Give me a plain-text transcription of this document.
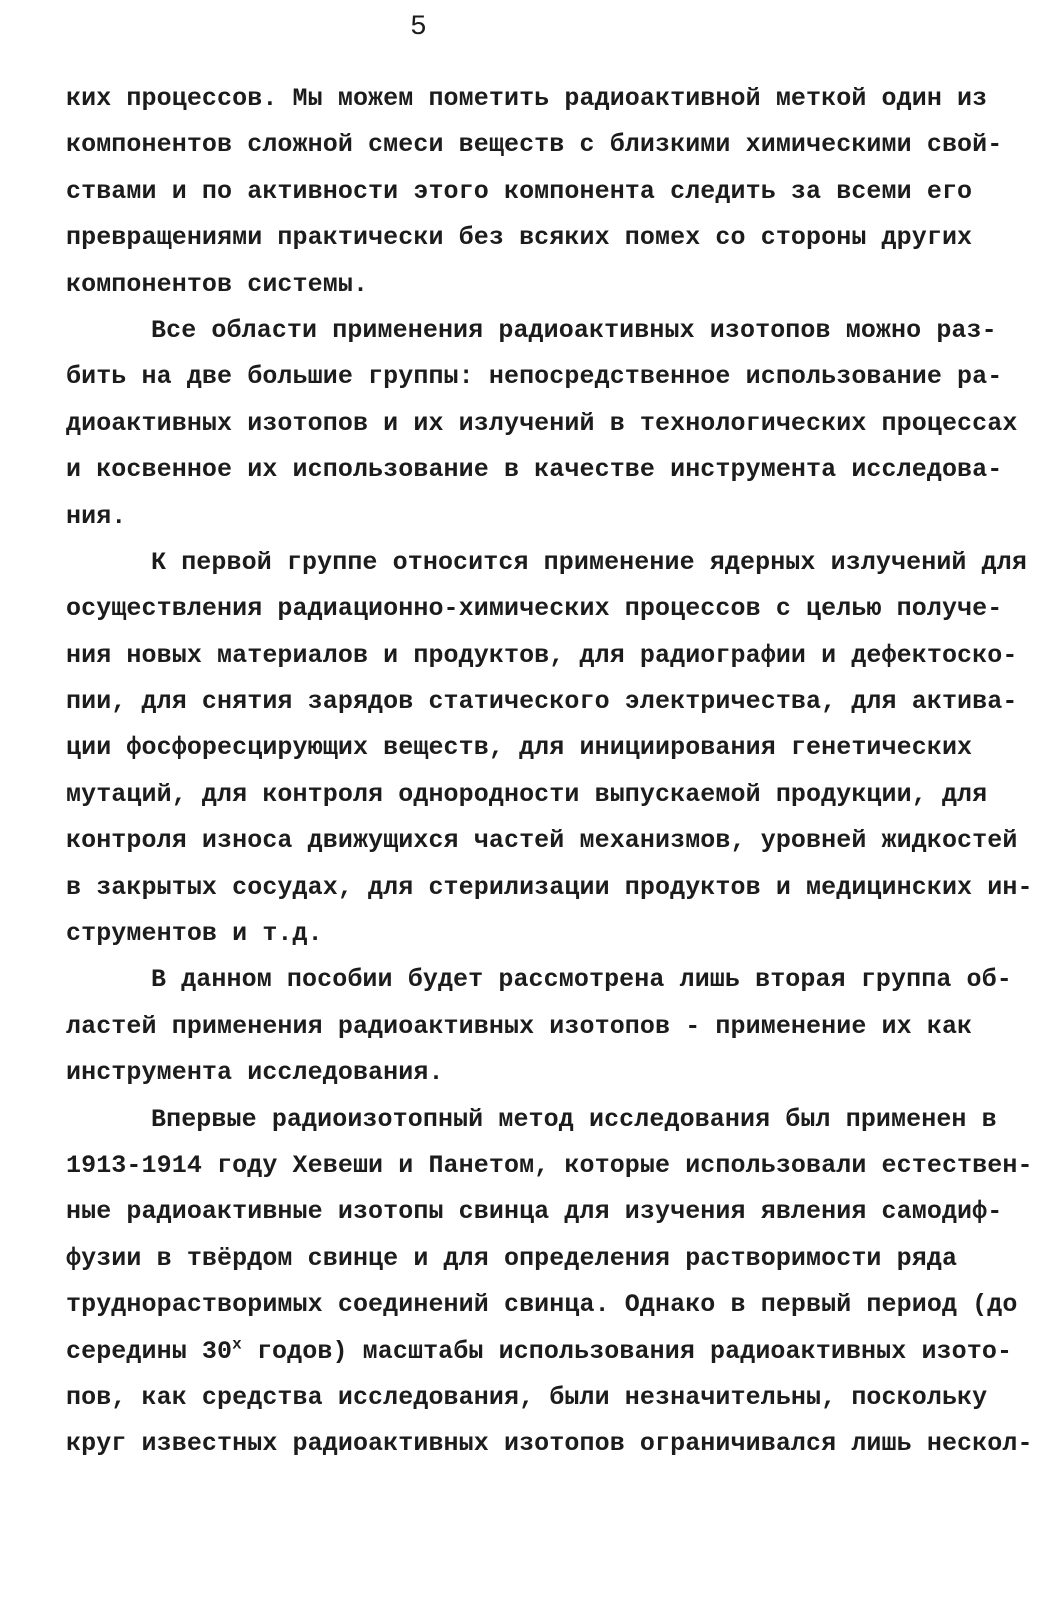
5
ких процессов. Мы можем пометить радиоактивной меткой один из
компонентов сложной смеси веществ с близкими химическими свой-
ствами и по активности этого компонента следить за всеми его
превращениями практически без всяких помех со стороны других
компонентов системы.
Все области применения радиоактивных изотопов можно раз-
бить на две большие группы: непосредственное использование ра-
диоактивных изотопов и их излучений в технологических процессах
и косвенное их использование в качестве инструмента исследова-
ния.
К первой группе относится применение ядерных излучений для
осуществления радиационно-химических процессов с целью получе-
ния новых материалов и продуктов, для радиографии и дефектоско-
пии, для снятия зарядов статического электричества, для актива-
ции фосфоресцирующих веществ, для инициирования генетических
мутаций, для контроля однородности выпускаемой продукции, для
контроля износа движущихся частей механизмов, уровней жидкостей
в закрытых сосудах, для стерилизации продуктов и медицинских ин-
струментов и т.д.
В данном пособии будет рассмотрена лишь вторая группа об-
ластей применения радиоактивных изотопов - применение их как
инструмента исследования.
Впервые радиоизотопный метод исследования был применен в
1913-1914 году Хевеши и Панетом, которые использовали естествен-
ные радиоактивные изотопы свинца для изучения явления самодиф-
фузии в твёрдом свинце и для определения растворимости ряда
труднорастворимых соединений свинца. Однако в первый период (до
середины $30^х$ годов) масштабы использования радиоактивных изото-
пов, как средства исследования, были незначительны, поскольку
круг известных радиоактивных изотопов ограничивался лишь нескол-
